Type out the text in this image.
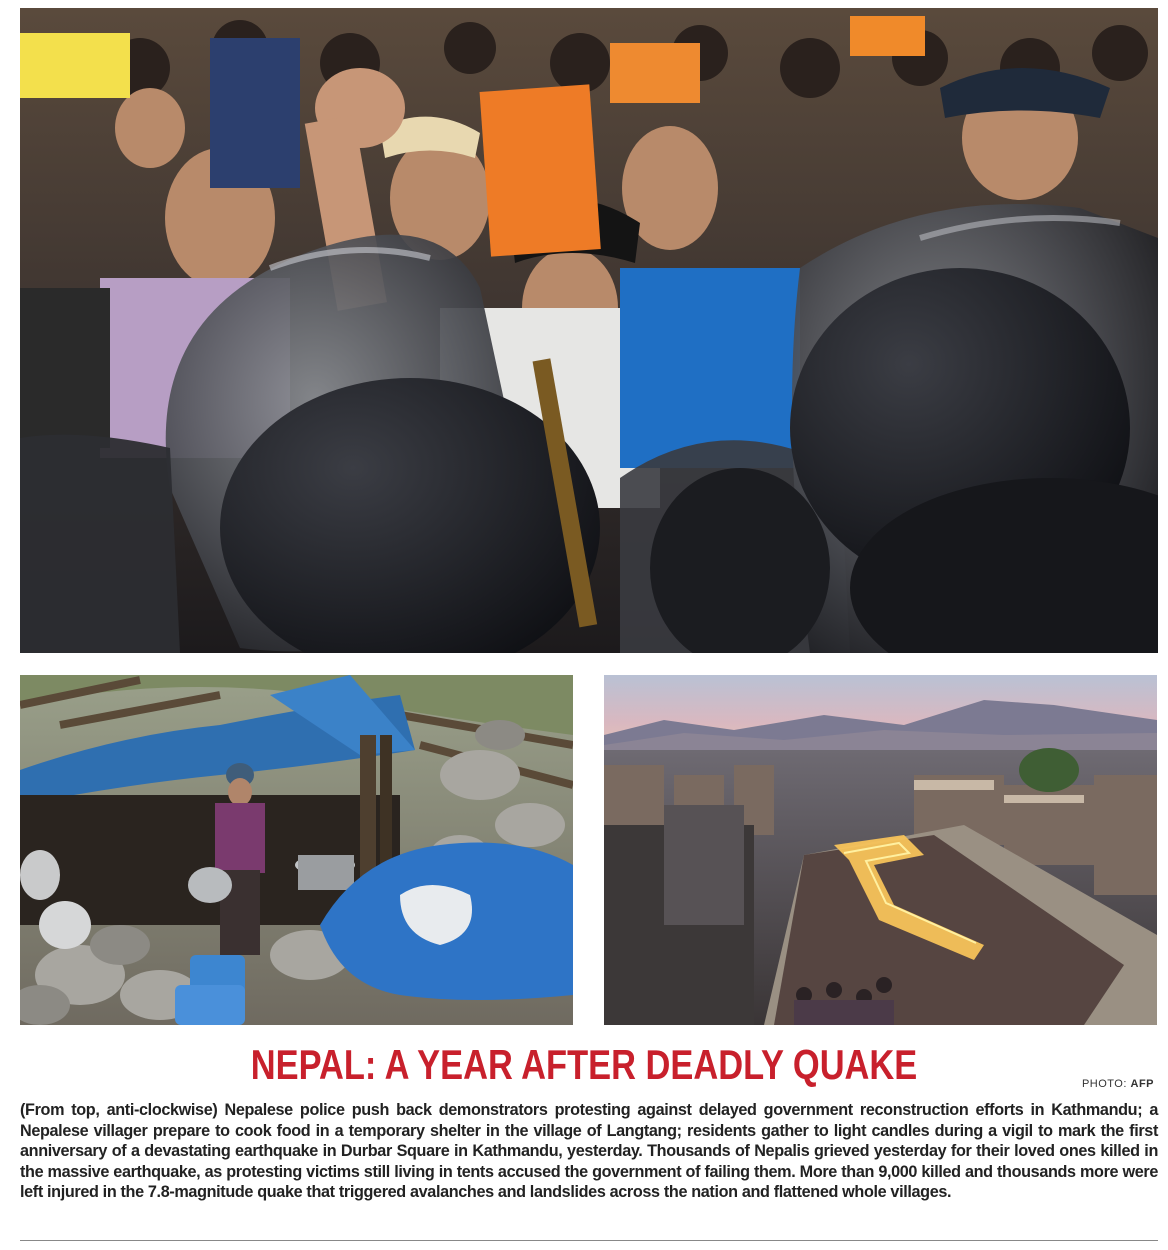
NEPAL: A YEAR AFTER DEADLY QUAKE	PHOTO: AFP

(From top, anti-clockwise) Nepalese police push back demonstrators protesting against delayed government reconstruction efforts in Kathmandu; a Nepalese villager prepare to cook food in a temporary shelter in the village of Langtang; residents gather to light candles during a vigil to mark the first anniversary of a devastating earthquake in Durbar Square in Kathmandu, yesterday. Thousands of Nepalis grieved yesterday for their loved ones killed in the massive earthquake, as protesting victims still living in tents accused the government of failing them. More than 9,000 killed and thousands more were left injured in the 7.8-magnitude quake that triggered avalanches and landslides across the nation and flattened whole villages.
